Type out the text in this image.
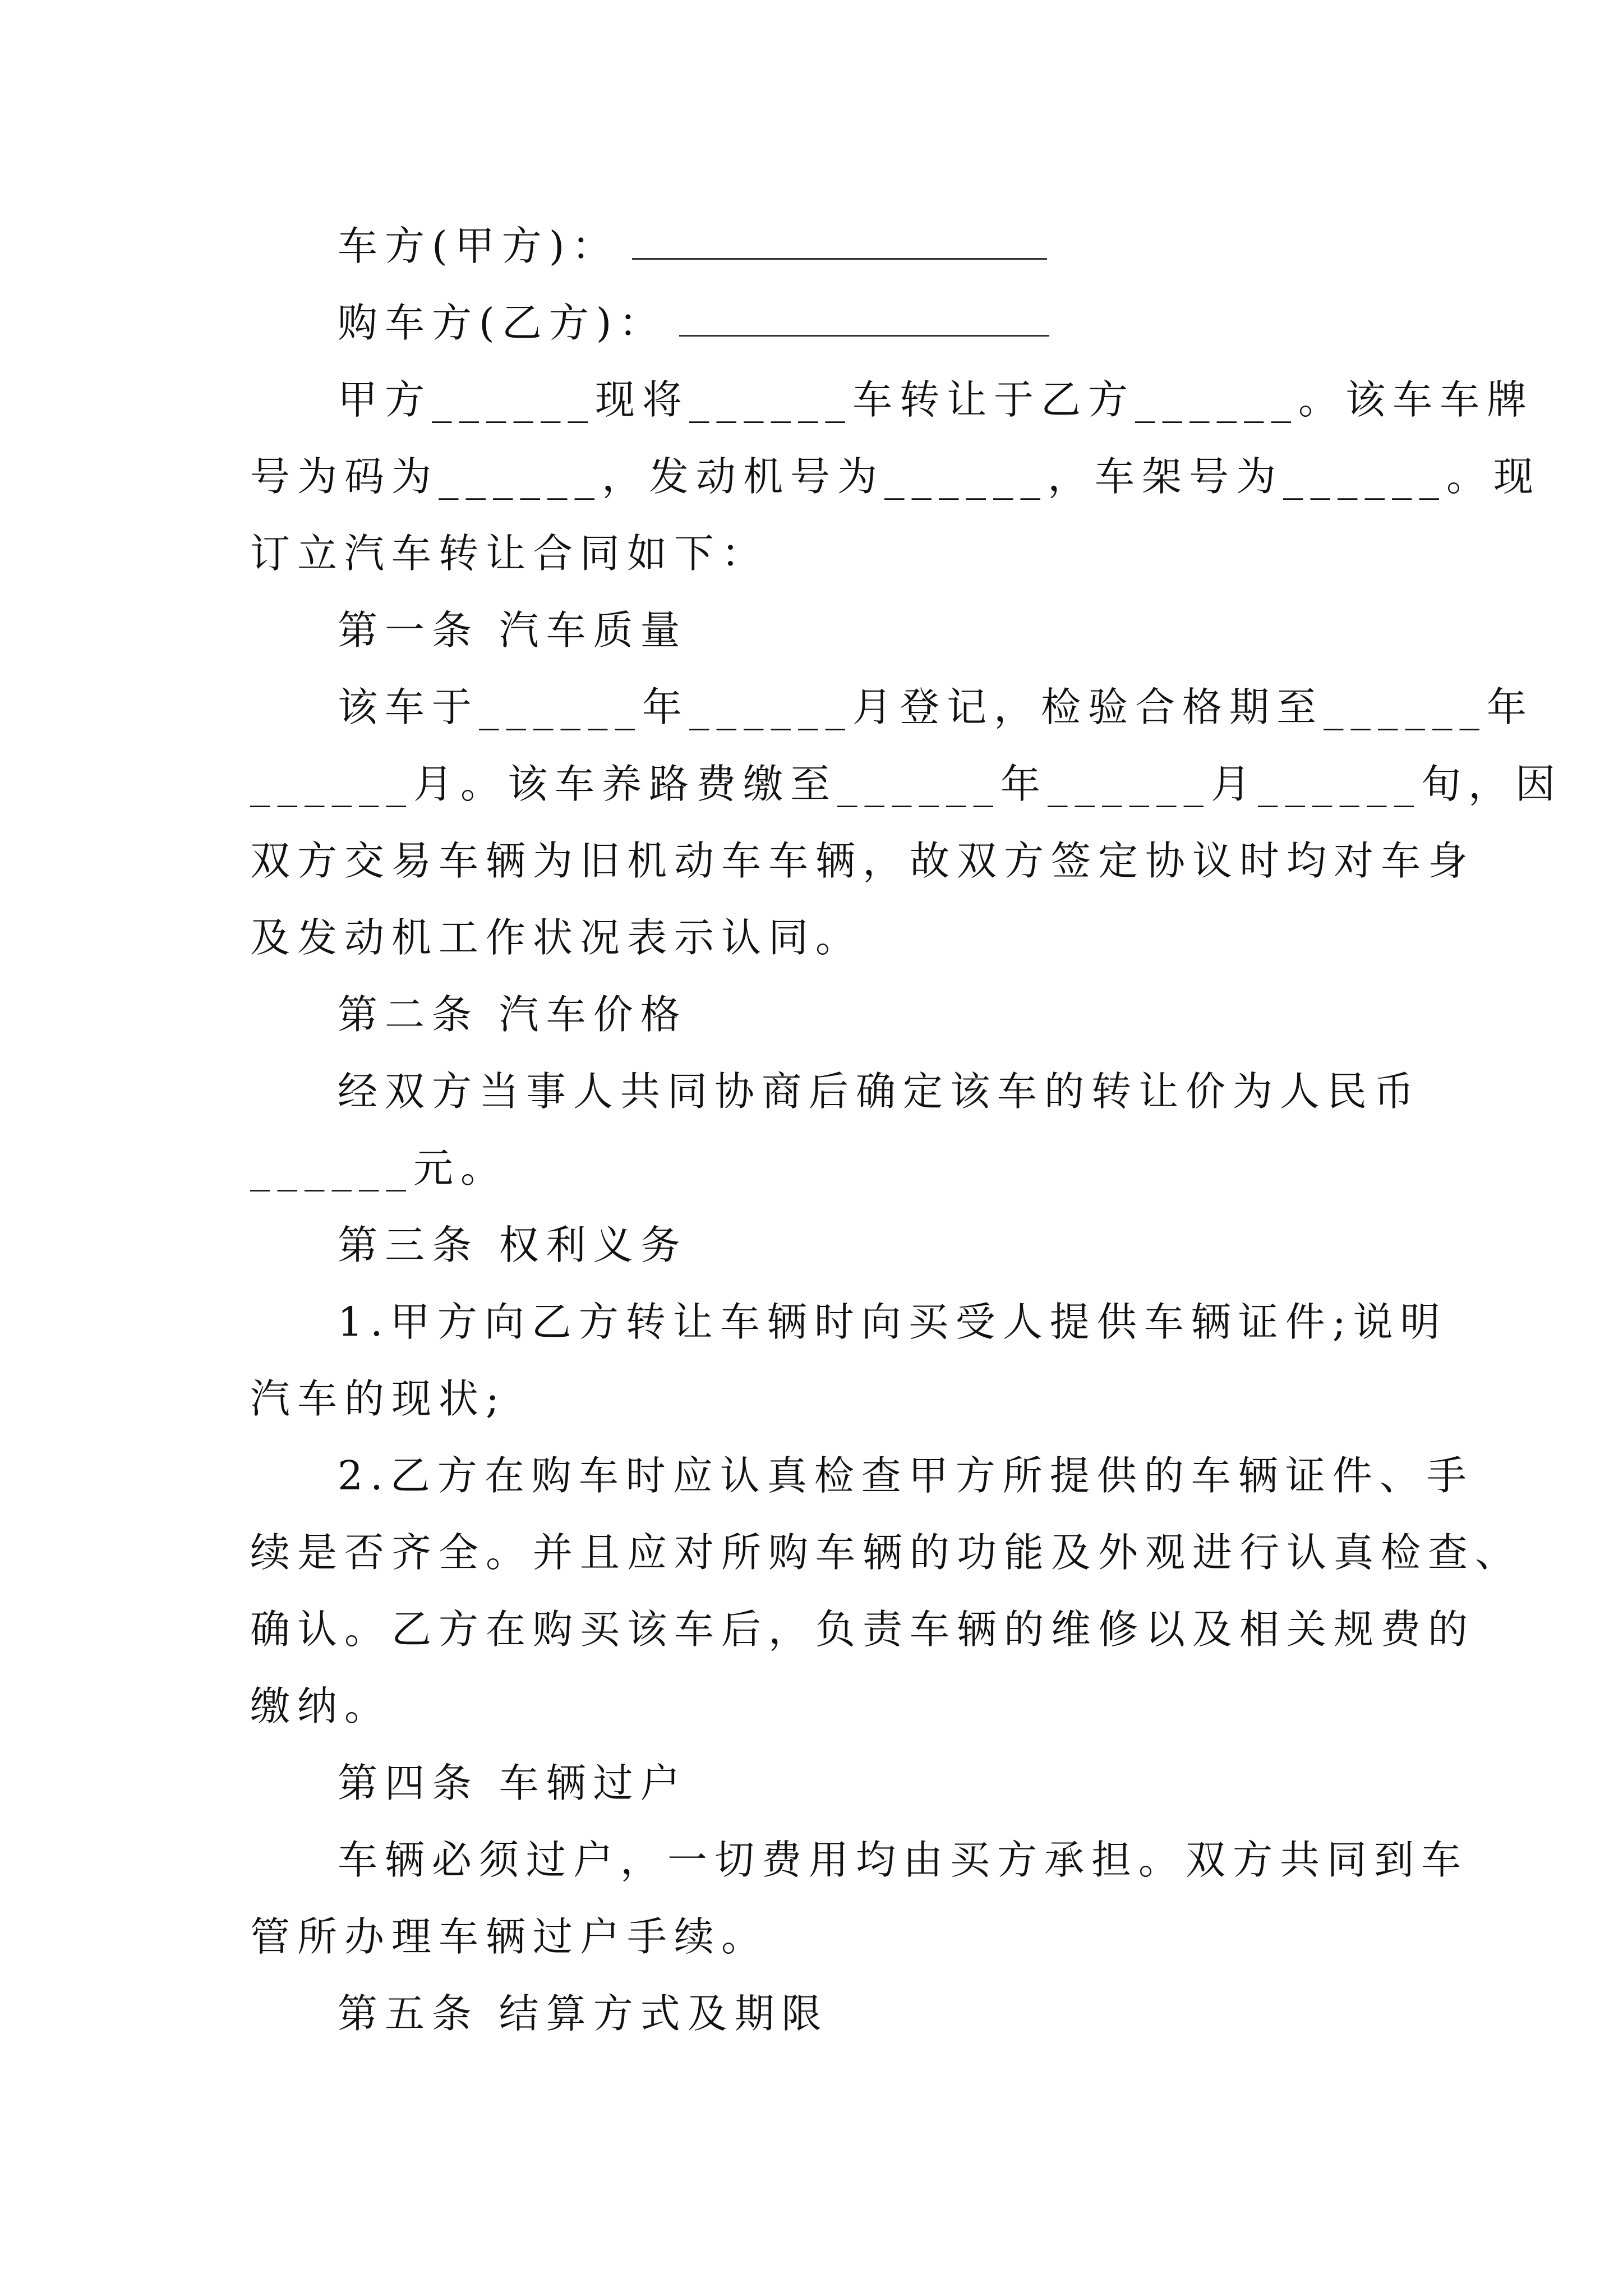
车方(甲方)：
购车方(乙方)：
甲方______现将______车转让于乙方______。该车车牌
号为码为______，发动机号为______，车架号为______。现
订立汽车转让合同如下：
第一条 汽车质量
该车于______年______月登记，检验合格期至______年
______月。该车养路费缴至______年______月______旬，因
双方交易车辆为旧机动车车辆，故双方签定协议时均对车身
及发动机工作状况表示认同。
第二条 汽车价格
经双方当事人共同协商后确定该车的转让价为人民币
______元。
第三条 权利义务
1.甲方向乙方转让车辆时向买受人提供车辆证件;说明
汽车的现状;
2.乙方在购车时应认真检查甲方所提供的车辆证件、手
续是否齐全。并且应对所购车辆的功能及外观进行认真检查、
确认。乙方在购买该车后，负责车辆的维修以及相关规费的
缴纳。
第四条 车辆过户
车辆必须过户，一切费用均由买方承担。双方共同到车
管所办理车辆过户手续。
第五条 结算方式及期限
